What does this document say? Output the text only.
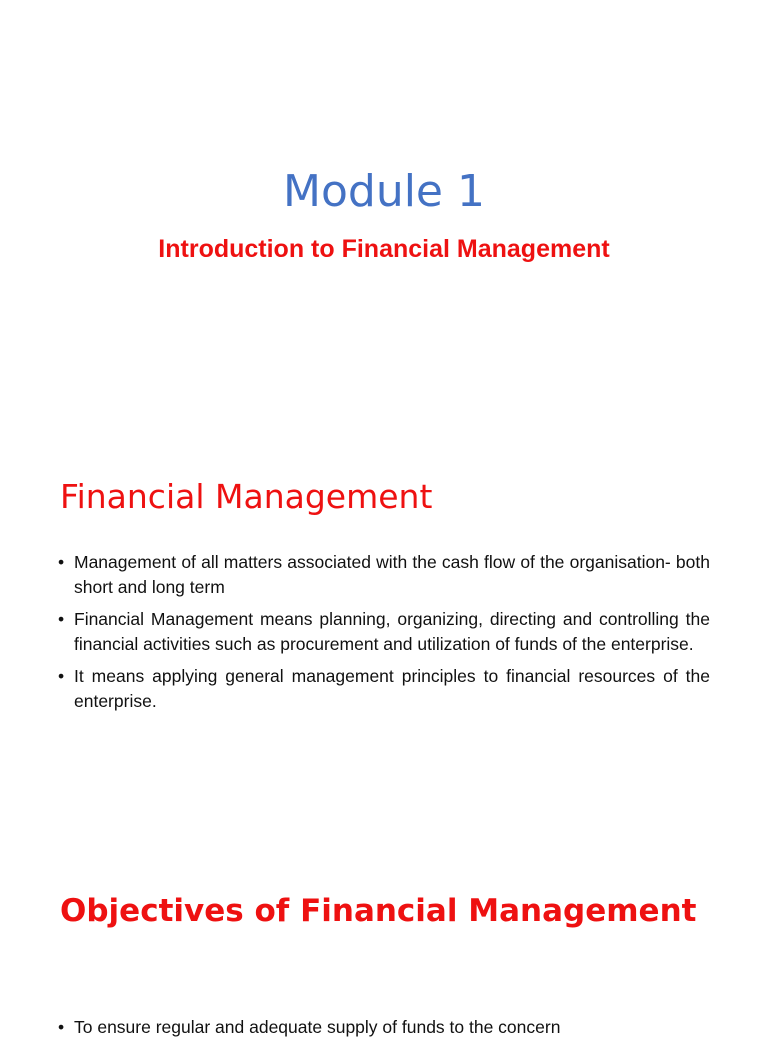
Module 1
Introduction to Financial Management
Financial Management
• Management of all matters associated with the cash flow of the organisation- both short and long term
• Financial Management means planning, organizing, directing and controlling the financial activities such as procurement and utilization of funds of the enterprise.
• It means applying general management principles to financial resources of the enterprise.
Objectives of Financial Management
• To ensure regular and adequate supply of funds to the concern
